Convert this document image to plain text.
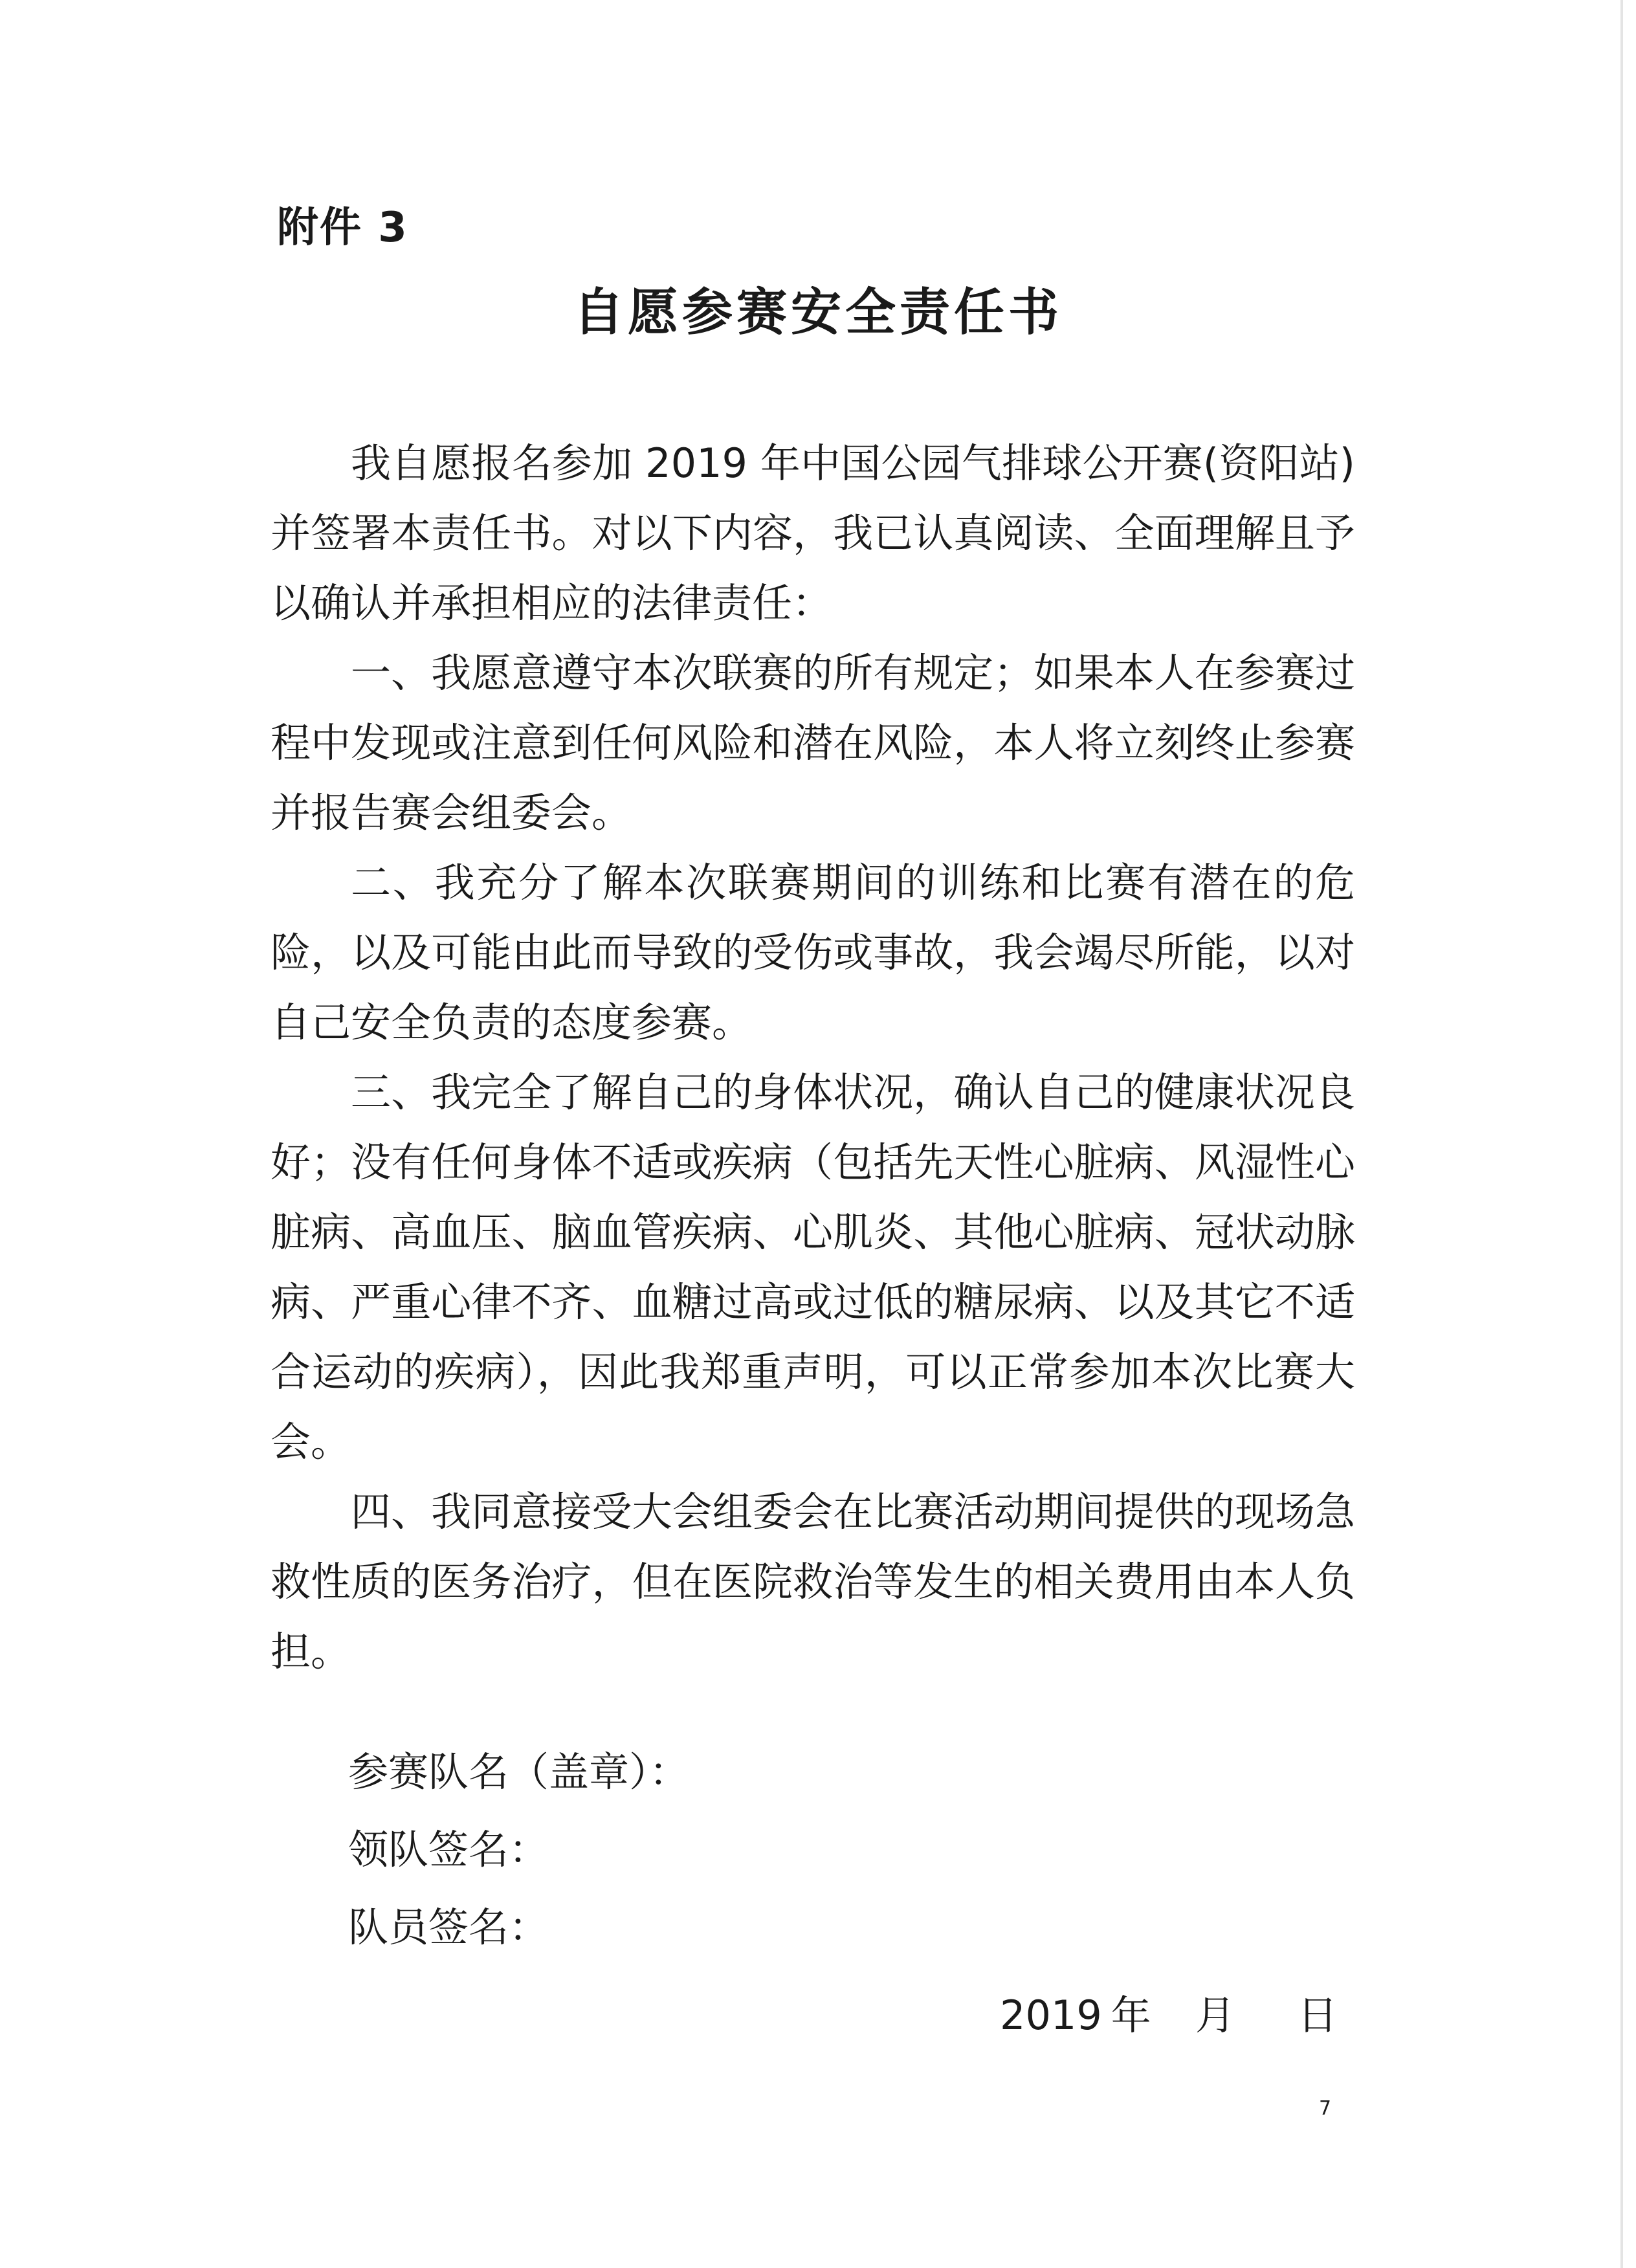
附件 3
自愿参赛安全责任书

我自愿报名参加 2019 年中国公园气排球公开赛(资阳站)并签署本责任书。对以下内容，我已认真阅读、全面理解且予以确认并承担相应的法律责任：

一、我愿意遵守本次联赛的所有规定；如果本人在参赛过程中发现或注意到任何风险和潜在风险，本人将立刻终止参赛并报告赛会组委会。

二、我充分了解本次联赛期间的训练和比赛有潜在的危险，以及可能由此而导致的受伤或事故，我会竭尽所能，以对自己安全负责的态度参赛。

三、我完全了解自己的身体状况，确认自己的健康状况良好；没有任何身体不适或疾病（包括先天性心脏病、风湿性心脏病、高血压、脑血管疾病、心肌炎、其他心脏病、冠状动脉病、严重心律不齐、血糖过高或过低的糖尿病、以及其它不适合运动的疾病），因此我郑重声明，可以正常参加本次比赛大会。

四、我同意接受大会组委会在比赛活动期间提供的现场急救性质的医务治疗，但在医院救治等发生的相关费用由本人负担。

参赛队名（盖章）：
领队签名：
队员签名：
2019 年 月 日
7
